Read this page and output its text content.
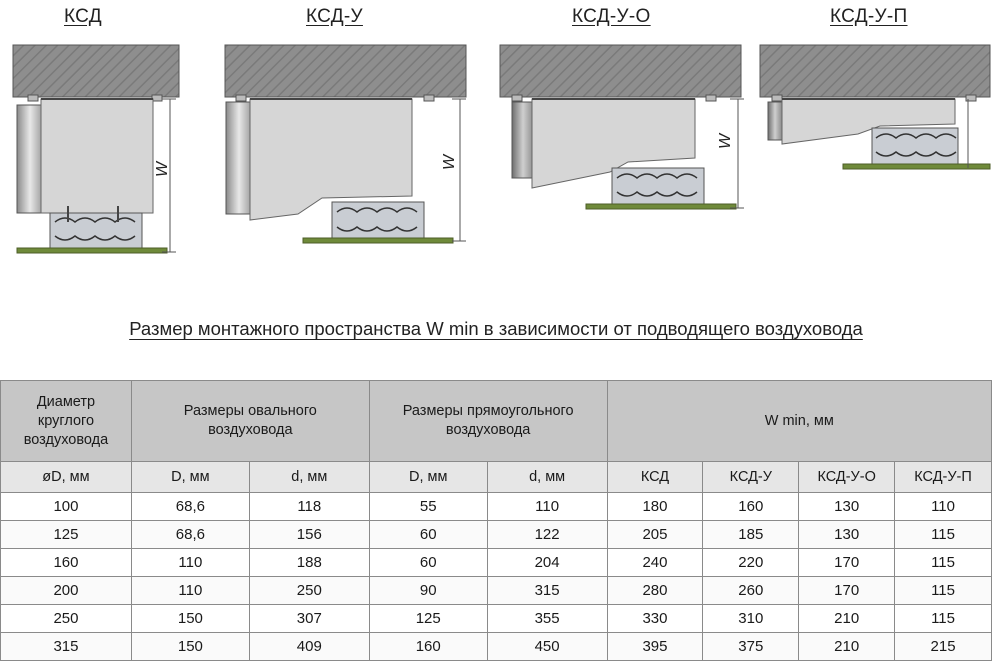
КСД	КСД-У	КСД-У-О	КСД-У-П
W	W
W
Размер монтажного пространства W min в зависимости от подводящего воздуховода
Диаметр круглого воздуховода	Размеры овального воздуховода		Размеры прямоугольного воздуховода		W min, мм			
øD, мм	D, мм	d, мм	D, мм	d, мм	КСД	КСД-У	КСД-У-О	КСД-У-П
100	68,6	118	55	110	180	160	130	110
125	68,6	156	60	122	205	185	130	115
160	110	188	60	204	240	220	170	115
200	110	250	90	315	280	260	170	115
250	150	307	125	355	330	310	210	115
315	150	409	160	450	395	375	210	215
